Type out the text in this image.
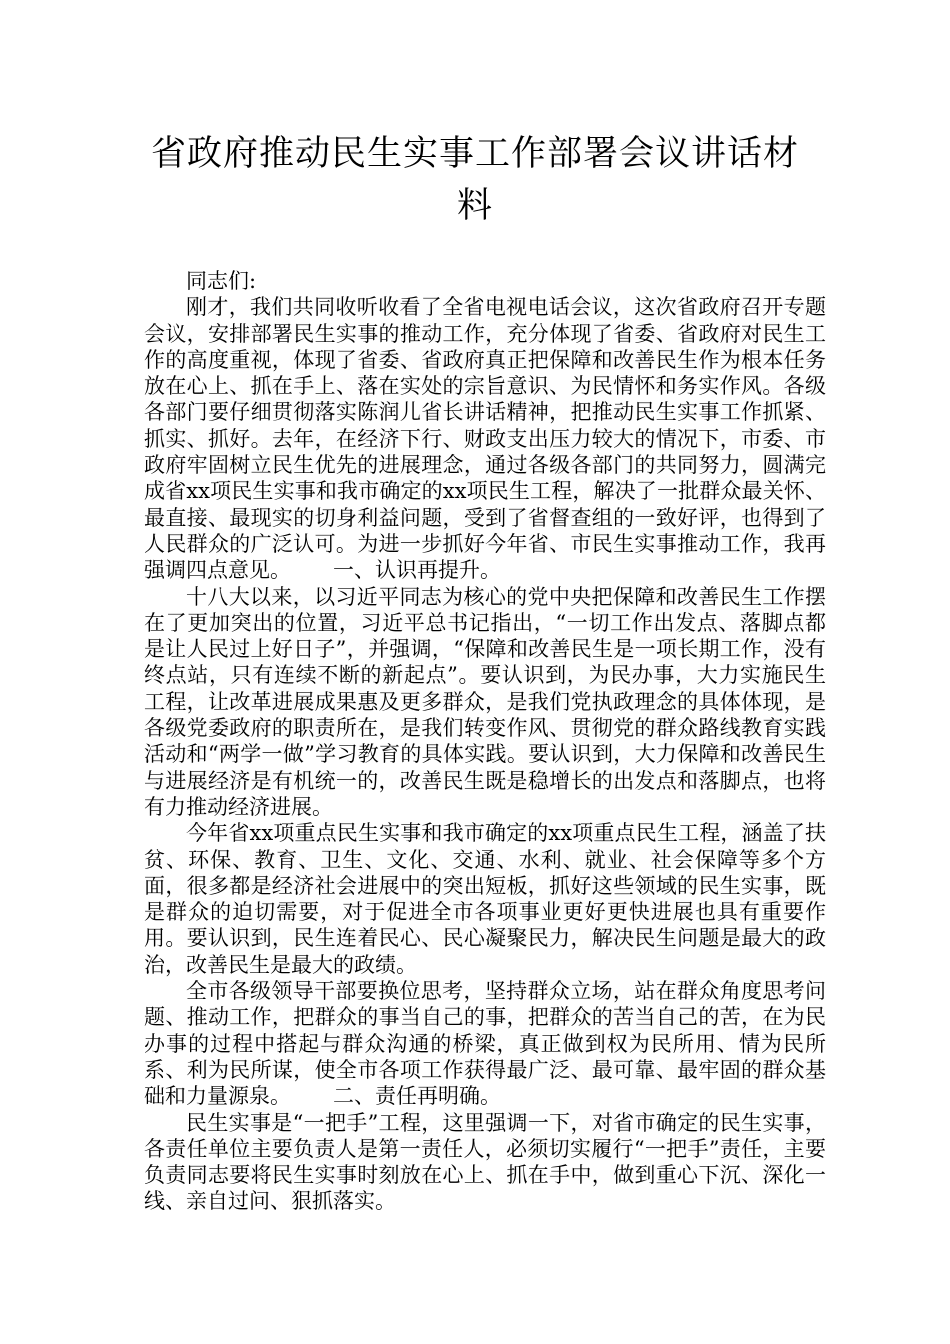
省政府推动民生实事工作部署会议讲话材料

同志们:

刚才，我们共同收听收看了全省电视电话会议，这次省政府召开专题会议，安排部署民生实事的推动工作，充分体现了省委、省政府对民生工作的高度重视，体现了省委、省政府真正把保障和改善民生作为根本任务放在心上、抓在手上、落在实处的宗旨意识、为民情怀和务实作风。各级各部门要仔细贯彻落实陈润儿省长讲话精神，把推动民生实事工作抓紧、抓实、抓好。去年，在经济下行、财政支出压力较大的情况下，市委、市政府牢固树立民生优先的进展理念，通过各级各部门的共同努力，圆满完成省xx项民生实事和我市确定的xx项民生工程，解决了一批群众最关怀、最直接、最现实的切身利益问题，受到了省督查组的一致好评，也得到了人民群众的广泛认可。为进一步抓好今年省、市民生实事推动工作，我再强调四点意见。 一、认识再提升。

十八大以来，以习近平同志为核心的党中央把保障和改善民生工作摆在了更加突出的位置，习近平总书记指出，“一切工作出发点、落脚点都是让人民过上好日子”，并强调，“保障和改善民生是一项长期工作，没有终点站，只有连续不断的新起点”。要认识到，为民办事，大力实施民生工程，让改革进展成果惠及更多群众，是我们党执政理念的具体体现，是各级党委政府的职责所在，是我们转变作风、贯彻党的群众路线教育实践活动和“两学一做”学习教育的具体实践。要认识到，大力保障和改善民生与进展经济是有机统一的，改善民生既是稳增长的出发点和落脚点，也将有力推动经济进展。

今年省xx项重点民生实事和我市确定的xx项重点民生工程，涵盖了扶贫、环保、教育、卫生、文化、交通、水利、就业、社会保障等多个方面，很多都是经济社会进展中的突出短板，抓好这些领域的民生实事，既是群众的迫切需要，对于促进全市各项事业更好更快进展也具有重要作用。要认识到，民生连着民心、民心凝聚民力，解决民生问题是最大的政治，改善民生是最大的政绩。

全市各级领导干部要换位思考，坚持群众立场，站在群众角度思考问题、推动工作，把群众的事当自己的事，把群众的苦当自己的苦，在为民办事的过程中搭起与群众沟通的桥梁，真正做到权为民所用、情为民所系、利为民所谋，使全市各项工作获得最广泛、最可靠、最牢固的群众基础和力量源泉。 二、责任再明确。

民生实事是“一把手”工程，这里强调一下，对省市确定的民生实事，各责任单位主要负责人是第一责任人，必须切实履行“一把手”责任，主要负责同志要将民生实事时刻放在心上、抓在手中，做到重心下沉、深化一线、亲自过问、狠抓落实。
